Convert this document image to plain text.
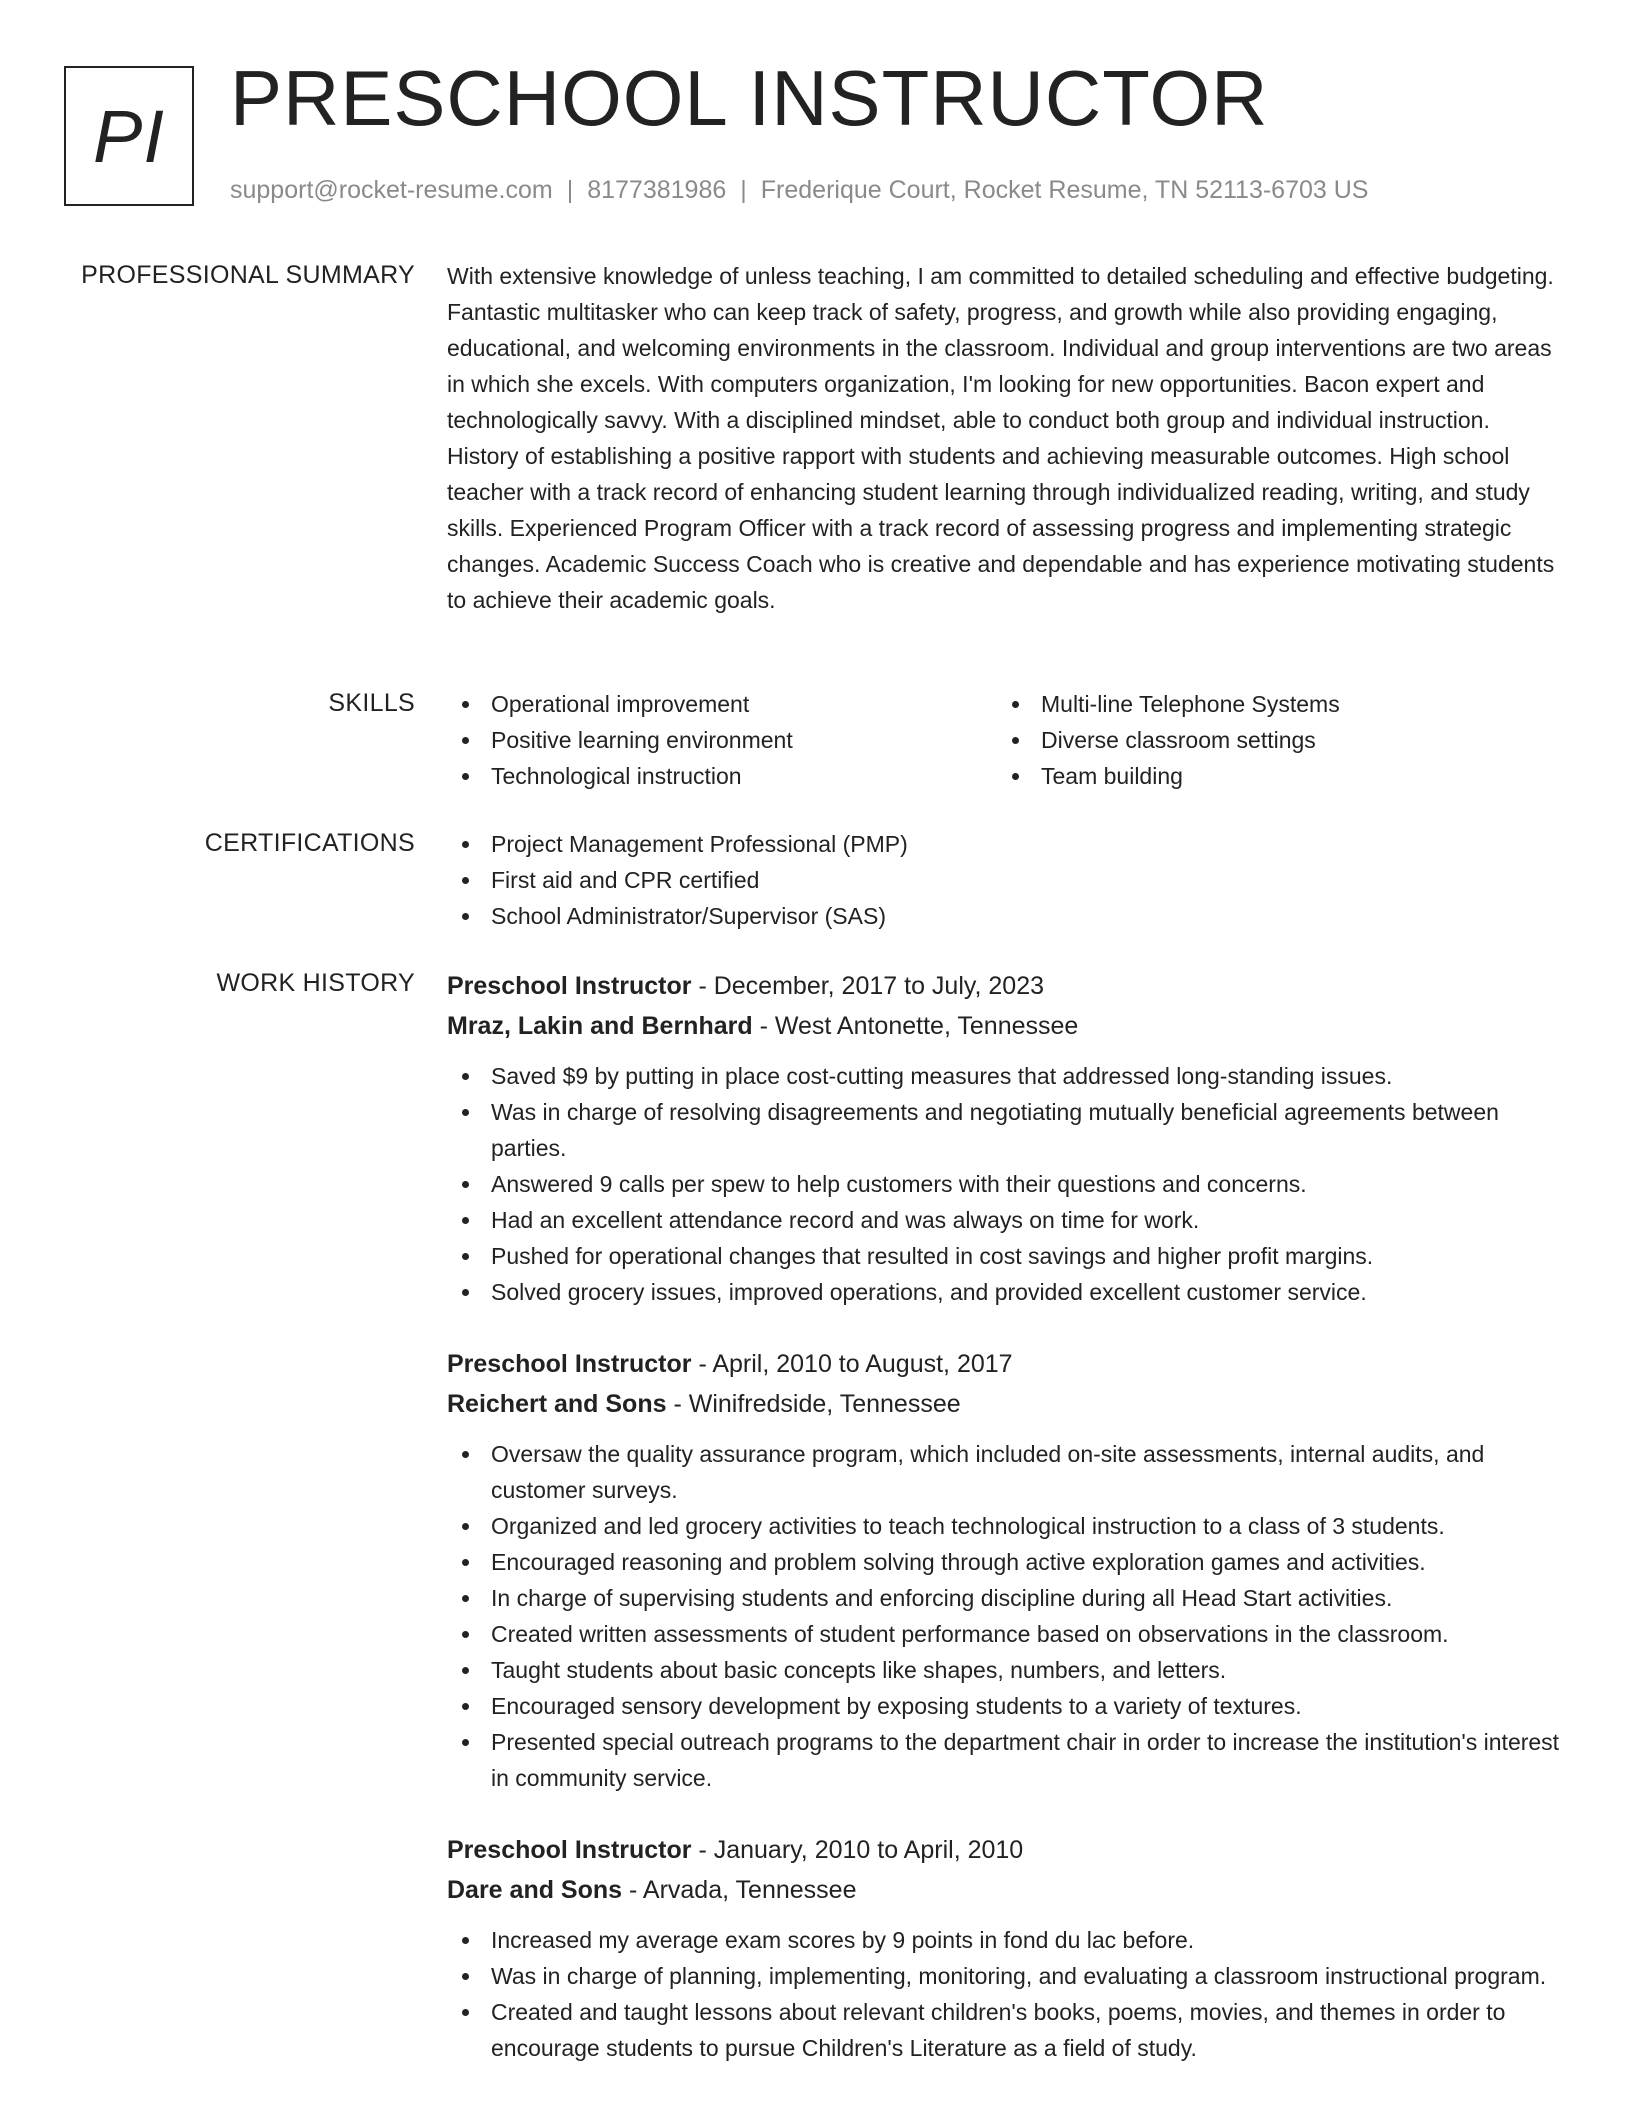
PI PRESCHOOL INSTRUCTOR
support@rocket-resume.com | 8177381986 | Frederique Court, Rocket Resume, TN 52113-6703 US
PROFESSIONAL SUMMARY With extensive knowledge of unless teaching, I am committed to detailed scheduling and effective budgeting. Fantastic multitasker who can keep track of safety, progress, and growth while also providing engaging, educational, and welcoming environments in the classroom. Individual and group interventions are two areas in which she excels. With computers organization, I'm looking for new opportunities. Bacon expert and technologically savvy. With a disciplined mindset, able to conduct both group and individual instruction. History of establishing a positive rapport with students and achieving measurable outcomes. High school teacher with a track record of enhancing student learning through individualized reading, writing, and study skills. Experienced Program Officer with a track record of assessing progress and implementing strategic changes. Academic Success Coach who is creative and dependable and has experience motivating students to achieve their academic goals.

SKILLS	Operational improvement
Positive learning environment
Technological instruction
Multi-line Telephone Systems
Diverse classroom settings
Team building
CERTIFICATIONS	Project Management Professional (PMP)
First aid and CPR certified
School Administrator/Supervisor (SAS)
WORK HISTORY Preschool Instructor - December, 2017 to July, 2023
Mraz, Lakin and Bernhard - West Antonette, Tennessee
Saved $9 by putting in place cost-cutting measures that addressed long-standing issues.
Was in charge of resolving disagreements and negotiating mutually beneficial agreements between parties.
Answered 9 calls per spew to help customers with their questions and concerns.
Had an excellent attendance record and was always on time for work.
Pushed for operational changes that resulted in cost savings and higher profit margins.
Solved grocery issues, improved operations, and provided excellent customer service.
Preschool Instructor - April, 2010 to August, 2017
Reichert and Sons - Winifredside, Tennessee
Oversaw the quality assurance program, which included on-site assessments, internal audits, and customer surveys.
Organized and led grocery activities to teach technological instruction to a class of 3 students.
Encouraged reasoning and problem solving through active exploration games and activities.
In charge of supervising students and enforcing discipline during all Head Start activities.
Created written assessments of student performance based on observations in the classroom.
Taught students about basic concepts like shapes, numbers, and letters.
Encouraged sensory development by exposing students to a variety of textures.
Presented special outreach programs to the department chair in order to increase the institution's interest in community service.
Preschool Instructor - January, 2010 to April, 2010
Dare and Sons - Arvada, Tennessee
Increased my average exam scores by 9 points in fond du lac before.
Was in charge of planning, implementing, monitoring, and evaluating a classroom instructional program.
Created and taught lessons about relevant children's books, poems, movies, and themes in order to encourage students to pursue Children's Literature as a field of study.
